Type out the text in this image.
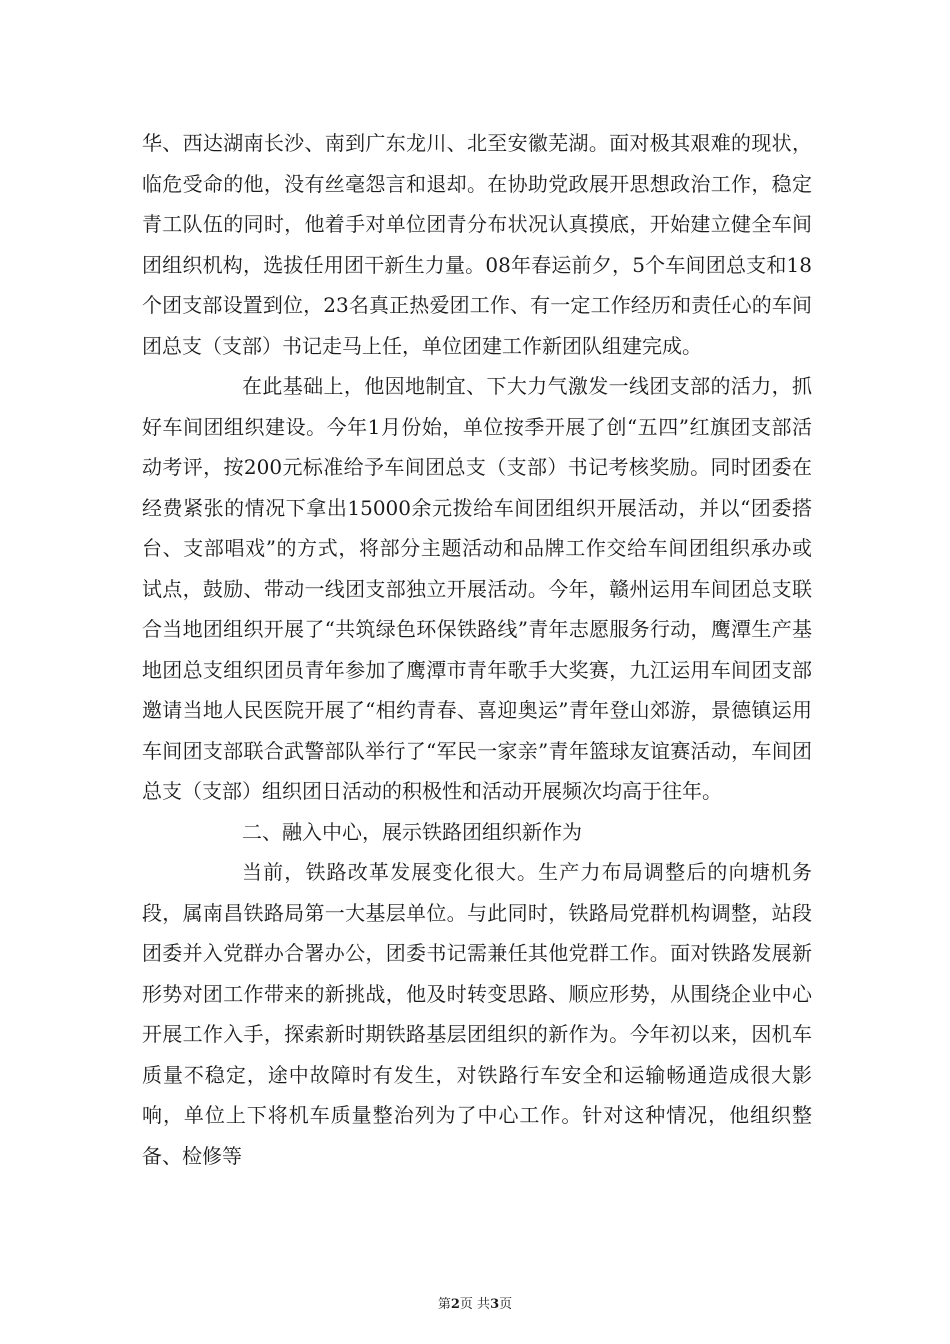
华、西达湖南长沙、南到广东龙川、北至安徽芜湖。面对极其艰难的现状，临危受命的他，没有丝毫怨言和退却。在协助党政展开思想政治工作，稳定青工队伍的同时，他着手对单位团青分布状况认真摸底，开始建立健全车间团组织机构，选拔任用团干新生力量。08年春运前夕，5个车间团总支和18个团支部设置到位，23名真正热爱团工作、有一定工作经历和责任心的车间团总支（支部）书记走马上任，单位团建工作新团队组建完成。

在此基础上，他因地制宜、下大力气激发一线团支部的活力，抓好车间团组织建设。今年1月份始，单位按季开展了创“五四”红旗团支部活动考评，按200元标准给予车间团总支（支部）书记考核奖励。同时团委在经费紧张的情况下拿出15000余元拨给车间团组织开展活动，并以“团委搭台、支部唱戏”的方式，将部分主题活动和品牌工作交给车间团组织承办或试点，鼓励、带动一线团支部独立开展活动。今年，赣州运用车间团总支联合当地团组织开展了“共筑绿色环保铁路线”青年志愿服务行动，鹰潭生产基地团总支组织团员青年参加了鹰潭市青年歌手大奖赛，九江运用车间团支部邀请当地人民医院开展了“相约青春、喜迎奥运”青年登山郊游，景德镇运用车间团支部联合武警部队举行了“军民一家亲”青年篮球友谊赛活动，车间团总支（支部）组织团日活动的积极性和活动开展频次均高于往年。

二、融入中心，展示铁路团组织新作为

当前，铁路改革发展变化很大。生产力布局调整后的向塘机务段，属南昌铁路局第一大基层单位。与此同时，铁路局党群机构调整，站段团委并入党群办合署办公，团委书记需兼任其他党群工作。面对铁路发展新形势对团工作带来的新挑战，他及时转变思路、顺应形势，从围绕企业中心开展工作入手，探索新时期铁路基层团组织的新作为。今年初以来，因机车质量不稳定，途中故障时有发生，对铁路行车安全和运输畅通造成很大影响，单位上下将机车质量整治列为了中心工作。针对这种情况，他组织整备、检修等

第2页 共3页
